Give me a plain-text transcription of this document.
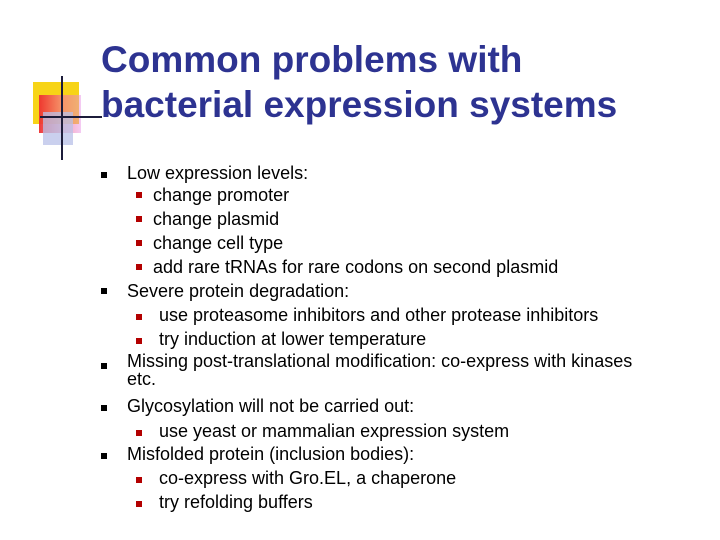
Common problems with
bacterial expression systems
Low expression levels:
change promoter
change plasmid
change cell type
add rare tRNAs for rare codons on second plasmid
Severe protein degradation:
use proteasome inhibitors and other protease inhibitors
try induction at lower temperature
Missing post-translational modification: co-express with kinases
etc.
Glycosylation will not be carried out:
use yeast or mammalian expression system
Misfolded protein (inclusion bodies):
co-express with Gro.EL, a chaperone
try refolding buffers
